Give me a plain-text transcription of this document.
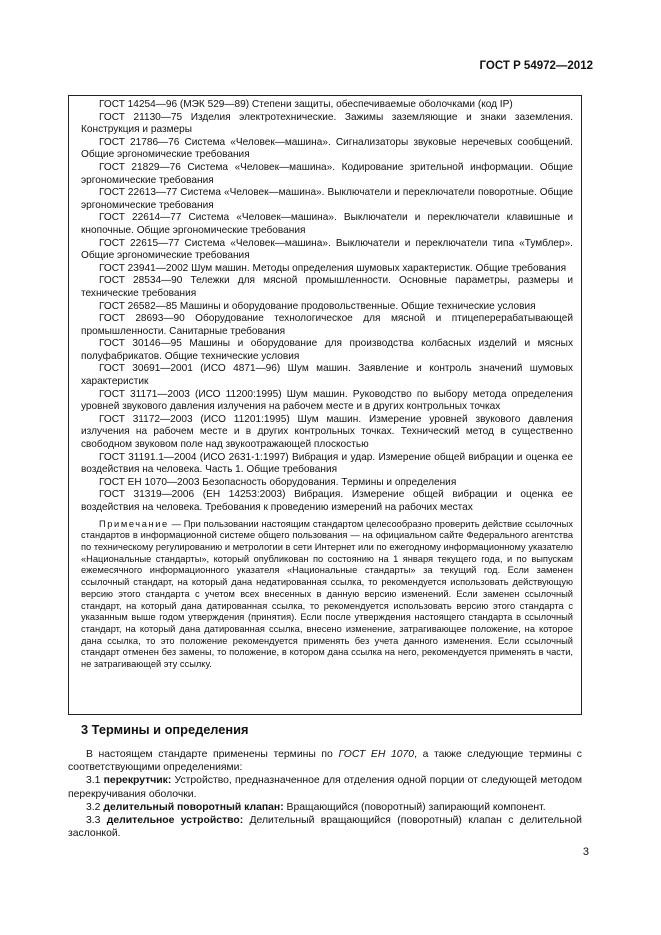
ГОСТ Р 54972—2012

ГОСТ 14254—96 (МЭК 529—89) Степени защиты, обеспечиваемые оболочками (код IP)

ГОСТ 21130—75 Изделия электротехнические. Зажимы заземляющие и знаки заземления. Конструкция и размеры

ГОСТ 21786—76 Система «Человек—машина». Сигнализаторы звуковые неречевых сообщений. Общие эргономические требования

ГОСТ 21829—76 Система «Человек—машина». Кодирование зрительной информации. Общие эргономические требования

ГОСТ 22613—77 Система «Человек—машина». Выключатели и переключатели поворотные. Общие эргономические требования

ГОСТ 22614—77 Система «Человек—машина». Выключатели и переключатели клавишные и кнопочные. Общие эргономические требования

ГОСТ 22615—77 Система «Человек—машина». Выключатели и переключатели типа «Тумблер». Общие эргономические требования

ГОСТ 23941—2002 Шум машин. Методы определения шумовых характеристик. Общие требования

ГОСТ 28534—90 Тележки для мясной промышленности. Основные параметры, размеры и технические требования

ГОСТ 26582—85 Машины и оборудование продовольственные. Общие технические условия

ГОСТ 28693—90 Оборудование технологическое для мясной и птицеперерабатывающей промышленности. Санитарные требования

ГОСТ 30146—95 Машины и оборудование для производства колбасных изделий и мясных полуфабрикатов. Общие технические условия

ГОСТ 30691—2001 (ИСО 4871—96) Шум машин. Заявление и контроль значений шумовых характеристик

ГОСТ 31171—2003 (ИСО 11200:1995) Шум машин. Руководство по выбору метода определения уровней звукового давления излучения на рабочем месте и в других контрольных точках

ГОСТ 31172—2003 (ИСО 11201:1995) Шум машин. Измерение уровней звукового давления излучения на рабочем месте и в других контрольных точках. Технический метод в существенно свободном звуковом поле над звукоотражающей плоскостью

ГОСТ 31191.1—2004 (ИСО 2631-1:1997) Вибрация и удар. Измерение общей вибрации и оценка ее воздействия на человека. Часть 1. Общие требования

ГОСТ ЕН 1070—2003 Безопасность оборудования. Термины и определения

ГОСТ 31319—2006 (ЕН 14253:2003) Вибрация. Измерение общей вибрации и оценка ее воздействия на человека. Требования к проведению измерений на рабочих местах

Примечание — При пользовании настоящим стандартом целесообразно проверить действие ссылочных стандартов в информационной системе общего пользования — на официальном сайте Федерального агентства по техническому регулированию и метрологии в сети Интернет или по ежегодному информационному указателю «Национальные стандарты», который опубликован по состоянию на 1 января текущего года, и по выпускам ежемесячного информационного указателя «Национальные стандарты» за текущий год. Если заменен ссылочный стандарт, на который дана недатированная ссылка, то рекомендуется использовать действующую версию этого стандарта с учетом всех внесенных в данную версию изменений. Если заменен ссылочный стандарт, на который дана датированная ссылка, то рекомендуется использовать версию этого стандарта с указанным выше годом утверждения (принятия). Если после утверждения настоящего стандарта в ссылочный стандарт, на который дана датированная ссылка, внесено изменение, затрагивающее положение, на которое дана ссылка, то это положение рекомендуется применять без учета данного изменения. Если ссылочный стандарт отменен без замены, то положение, в котором дана ссылка на него, рекомендуется применять в части, не затрагивающей эту ссылку.

3 Термины и определения

В настоящем стандарте применены термины по ГОСТ ЕН 1070, а также следующие термины с соответствующими определениями:

3.1 перекрутчик: Устройство, предназначенное для отделения одной порции от следующей методом перекручивания оболочки.

3.2 делительный поворотный клапан: Вращающийся (поворотный) запирающий компонент.

3.3 делительное устройство: Делительный вращающийся (поворотный) клапан с делительной заслонкой.

3
